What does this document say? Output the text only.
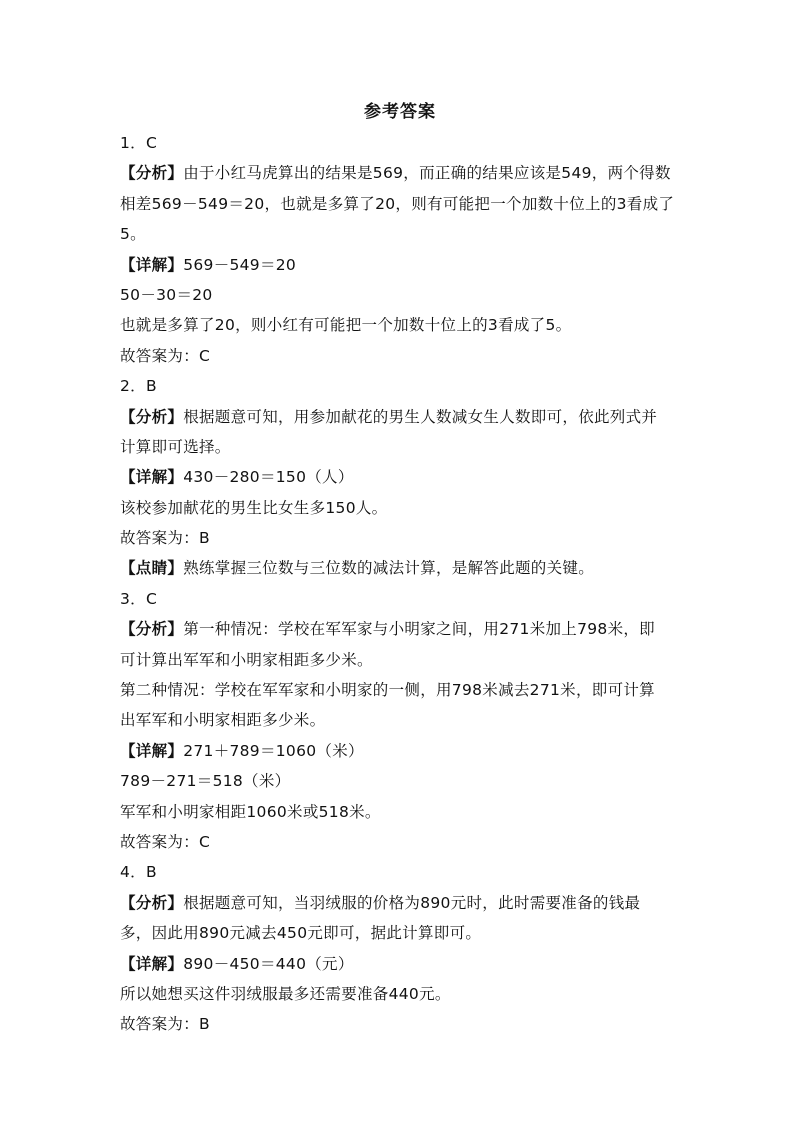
参考答案
1．C
【分析】由于小红马虎算出的结果是569，而正确的结果应该是549，两个得数
相差569－549＝20，也就是多算了20，则有可能把一个加数十位上的3看成了
5。
【详解】569－549＝20
50－30＝20
也就是多算了20，则小红有可能把一个加数十位上的3看成了5。
故答案为：C
2．B
【分析】根据题意可知，用参加献花的男生人数减女生人数即可，依此列式并
计算即可选择。
【详解】430－280＝150（人）
该校参加献花的男生比女生多150人。
故答案为：B
【点睛】熟练掌握三位数与三位数的减法计算，是解答此题的关键。
3．C
【分析】第一种情况：学校在军军家与小明家之间，用271米加上798米，即
可计算出军军和小明家相距多少米。
第二种情况：学校在军军家和小明家的一侧，用798米减去271米，即可计算
出军军和小明家相距多少米。
【详解】271＋789＝1060（米）
789－271＝518（米）
军军和小明家相距1060米或518米。
故答案为：C
4．B
【分析】根据题意可知，当羽绒服的价格为890元时，此时需要准备的钱最
多，因此用890元减去450元即可，据此计算即可。
【详解】890－450＝440（元）
所以她想买这件羽绒服最多还需要准备440元。
故答案为：B
